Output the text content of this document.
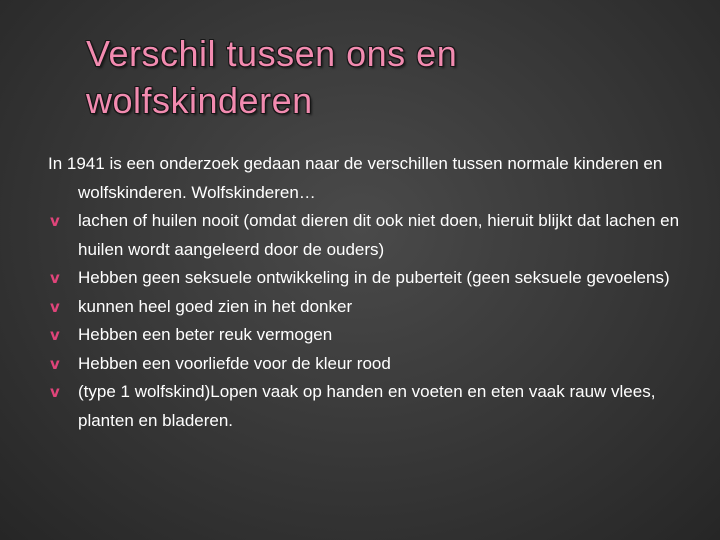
Verschil tussen ons en
wolfskinderen

In 1941 is een onderzoek gedaan naar de verschillen tussen normale kinderen en wolfskinderen. Wolfskinderen…

v	lachen of huilen nooit (omdat dieren dit ook niet doen, hieruit blijkt dat lachen en huilen wordt aangeleerd door de ouders)
v	Hebben geen seksuele ontwikkeling in de puberteit (geen seksuele gevoelens)
v	kunnen heel goed zien in het donker
v	Hebben een beter reuk vermogen
v	Hebben een voorliefde voor de kleur rood
v	(type 1 wolfskind)Lopen vaak op handen en voeten en eten vaak rauw vlees, planten en bladeren.
